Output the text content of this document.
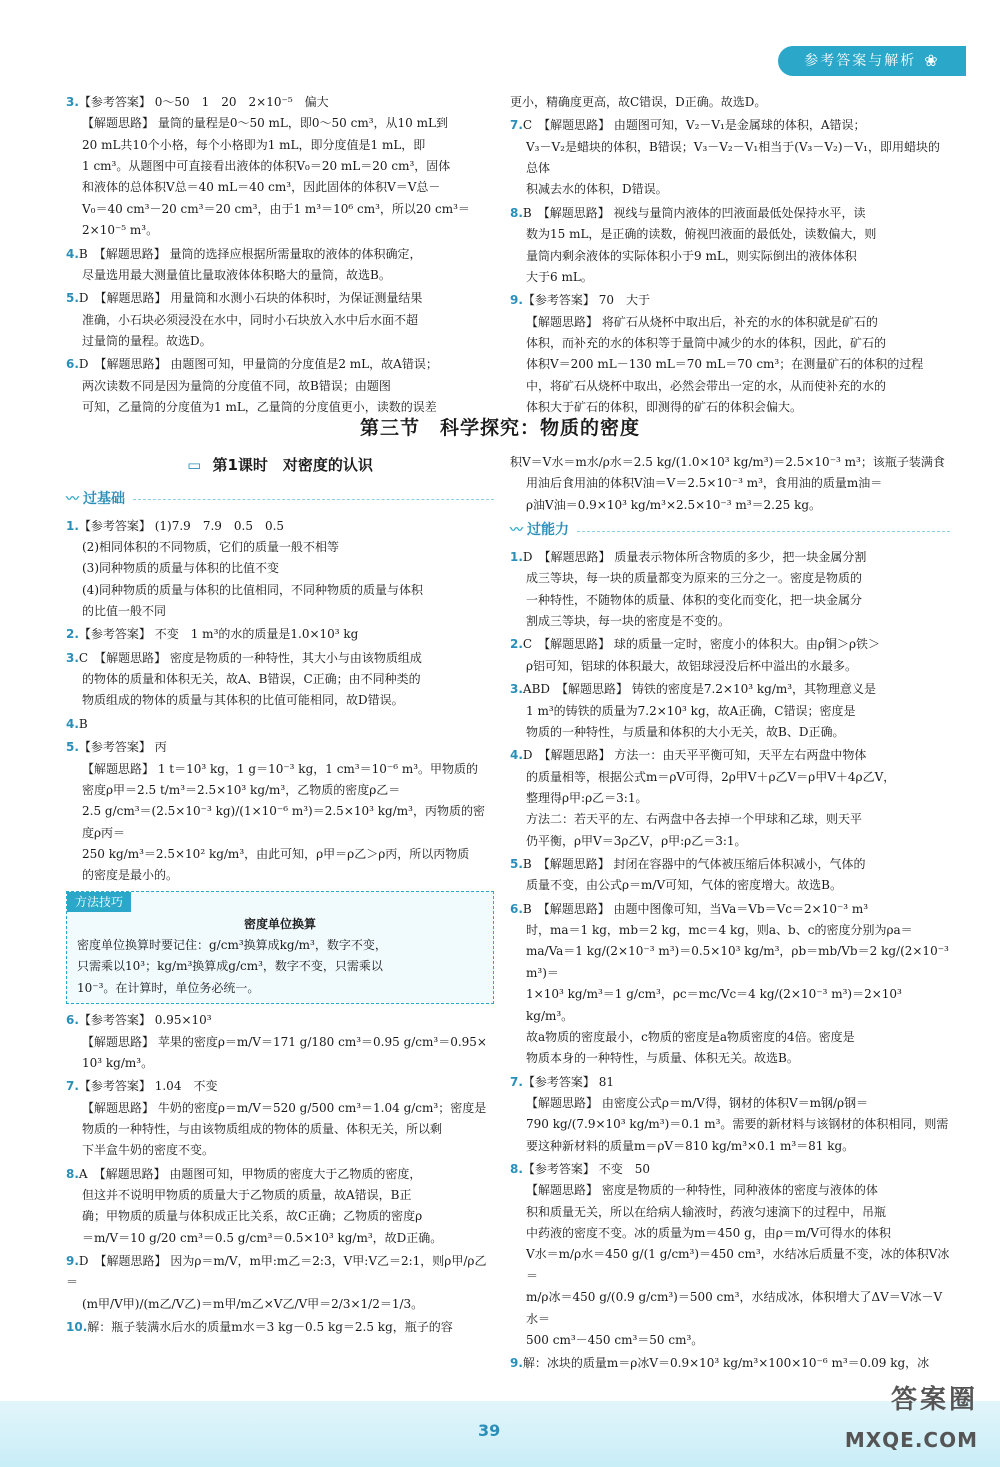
参考答案与解析 ❀
3.【参考答案】 0～50　1　20　2×10⁻⁵　偏大
【解题思路】 量筒的量程是0～50 mL，即0～50 cm³，从10 mL到
20 mL共10个小格，每个小格即为1 mL，即分度值是1 mL，即
1 cm³。从题图中可直接看出液体的体积V₀＝20 mL＝20 cm³，固体
和液体的总体积V总＝40 mL＝40 cm³，因此固体的体积V＝V总－
V₀＝40 cm³－20 cm³＝20 cm³，由于1 m³＝10⁶ cm³，所以20 cm³＝
2×10⁻⁵ m³。
4.B　【解题思路】 量筒的选择应根据所需量取的液体的体积确定，
尽量选用最大测量值比量取液体体积略大的量筒，故选B。
5.D　【解题思路】 用量筒和水测小石块的体积时，为保证测量结果
准确，小石块必须浸没在水中，同时小石块放入水中后水面不超
过量筒的量程。故选D。
6.D　【解题思路】 由题图可知，甲量筒的分度值是2 mL，故A错误；
两次读数不同是因为量筒的分度值不同，故B错误；由题图
可知，乙量筒的分度值为1 mL，乙量筒的分度值更小，读数的误差
更小，精确度更高，故C错误，D正确。故选D。
7.C　【解题思路】 由题图可知，V₂－V₁是金属球的体积，A错误；
V₃－V₂是蜡块的体积，B错误；V₃－V₂－V₁相当于(V₃－V₂)－V₁，即用蜡块的总体
积减去水的体积，D错误。
8.B　【解题思路】 视线与量筒内液体的凹液面最低处保持水平，读
数为15 mL，是正确的读数，俯视凹液面的最低处，读数偏大，则
量筒内剩余液体的实际体积小于9 mL，则实际倒出的液体体积
大于6 mL。
9.【参考答案】 70　大于
【解题思路】 将矿石从烧杯中取出后，补充的水的体积就是矿石的
体积，而补充的水的体积等于量筒中减少的水的体积，因此，矿石的
体积V＝200 mL－130 mL＝70 mL＝70 cm³；在测量矿石的体积的过程
中，将矿石从烧杯中取出，必然会带出一定的水，从而使补充的水的
体积大于矿石的体积，即测得的矿石的体积会偏大。
第三节　科学探究：物质的密度
▭ 第1课时　对密度的认识
〰 过基础
1.【参考答案】 (1)7.9　7.9　0.5　0.5
(2)相同体积的不同物质，它们的质量一般不相等
(3)同种物质的质量与体积的比值不变
(4)同种物质的质量与体积的比值相同，不同种物质的质量与体积
的比值一般不同
2.【参考答案】 不变　1 m³的水的质量是1.0×10³ kg
3.C　【解题思路】 密度是物质的一种特性，其大小与由该物质组成
的物体的质量和体积无关，故A、B错误，C正确；由不同种类的
物质组成的物体的质量与其体积的比值可能相同，故D错误。
4.B
5.【参考答案】 丙
【解题思路】 1 t＝10³ kg，1 g＝10⁻³ kg，1 cm³＝10⁻⁶ m³。甲物质的
密度ρ甲＝2.5 t/m³＝2.5×10³ kg/m³，乙物质的密度ρ乙＝
2.5 g/cm³＝(2.5×10⁻³ kg)/(1×10⁻⁶ m³)＝2.5×10³ kg/m³，丙物质的密度ρ丙＝
250 kg/m³＝2.5×10² kg/m³，由此可知，ρ甲＝ρ乙＞ρ丙，所以丙物质
的密度是最小的。
方法技巧
密度单位换算
密度单位换算时要记住：g/cm³换算成kg/m³，数字不变，
只需乘以10³；kg/m³换算成g/cm³，数字不变，只需乘以
10⁻³。在计算时，单位务必统一。
6.【参考答案】 0.95×10³
【解题思路】 苹果的密度ρ＝m/V＝171 g/180 cm³＝0.95 g/cm³＝0.95×
10³ kg/m³。
7.【参考答案】 1.04　不变
【解题思路】 牛奶的密度ρ＝m/V＝520 g/500 cm³＝1.04 g/cm³；密度是
物质的一种特性，与由该物质组成的物体的质量、体积无关，所以剩
下半盒牛奶的密度不变。
8.A　【解题思路】 由题图可知，甲物质的密度大于乙物质的密度，
但这并不说明甲物质的质量大于乙物质的质量，故A错误，B正
确；甲物质的质量与体积成正比关系，故C正确；乙物质的密度ρ
＝m/V＝10 g/20 cm³＝0.5 g/cm³＝0.5×10³ kg/m³，故D正确。
9.D　【解题思路】 因为ρ＝m/V，m甲:m乙＝2:3，V甲:V乙＝2:1，则ρ甲/ρ乙＝
(m甲/V甲)/(m乙/V乙)＝m甲/m乙×V乙/V甲＝2/3×1/2＝1/3。
10.解：瓶子装满水后水的质量m水＝3 kg－0.5 kg＝2.5 kg，瓶子的容
积V＝V水＝m水/ρ水＝2.5 kg/(1.0×10³ kg/m³)＝2.5×10⁻³ m³；该瓶子装满食
用油后食用油的体积V油＝V＝2.5×10⁻³ m³，食用油的质量m油＝
ρ油V油＝0.9×10³ kg/m³×2.5×10⁻³ m³＝2.25 kg。
〰 过能力
1.D　【解题思路】 质量表示物体所含物质的多少，把一块金属分割
成三等块，每一块的质量都变为原来的三分之一。密度是物质的
一种特性，不随物体的质量、体积的变化而变化，把一块金属分
割成三等块，每一块的密度是不变的。
2.C　【解题思路】 球的质量一定时，密度小的体积大。由ρ铜＞ρ铁＞
ρ铝可知，铝球的体积最大，故铝球浸没后杯中溢出的水最多。
3.ABD　【解题思路】 铸铁的密度是7.2×10³ kg/m³，其物理意义是
1 m³的铸铁的质量为7.2×10³ kg，故A正确，C错误；密度是
物质的一种特性，与质量和体积的大小无关，故B、D正确。
4.D　【解题思路】 方法一：由天平平衡可知，天平左右两盘中物体
的质量相等，根据公式m＝ρV可得，2ρ甲V＋ρ乙V＝ρ甲V＋4ρ乙V，
整理得ρ甲:ρ乙＝3:1。
方法二：若天平的左、右两盘中各去掉一个甲球和乙球，则天平
仍平衡，ρ甲V＝3ρ乙V，ρ甲:ρ乙＝3:1。
5.B　【解题思路】 封闭在容器中的气体被压缩后体积减小，气体的
质量不变，由公式ρ＝m/V可知，气体的密度增大。故选B。
6.B　【解题思路】 由题中图像可知，当Va＝Vb＝Vc＝2×10⁻³ m³
时，ma＝1 kg，mb＝2 kg，mc＝4 kg，则a、b、c的密度分别为ρa＝
ma/Va＝1 kg/(2×10⁻³ m³)＝0.5×10³ kg/m³，ρb＝mb/Vb＝2 kg/(2×10⁻³ m³)＝
1×10³ kg/m³＝1 g/cm³，ρc＝mc/Vc＝4 kg/(2×10⁻³ m³)＝2×10³ kg/m³。
故a物质的密度最小，c物质的密度是a物质密度的4倍。密度是
物质本身的一种特性，与质量、体积无关。故选B。
7.【参考答案】 81
【解题思路】 由密度公式ρ＝m/V得，钢材的体积V＝m钢/ρ钢＝
790 kg/(7.9×10³ kg/m³)＝0.1 m³。需要的新材料与该钢材的体积相同，则需
要这种新材料的质量m＝ρV＝810 kg/m³×0.1 m³＝81 kg。
8.【参考答案】 不变　50
【解题思路】 密度是物质的一种特性，同种液体的密度与液体的体
积和质量无关，所以在给病人输液时，药液匀速滴下的过程中，吊瓶
中药液的密度不变。冰的质量为m＝450 g，由ρ＝m/V可得水的体积
V水＝m/ρ水＝450 g/(1 g/cm³)＝450 cm³，水结冰后质量不变，冰的体积V冰＝
m/ρ冰＝450 g/(0.9 g/cm³)＝500 cm³，水结成冰，体积增大了ΔV＝V冰－V水＝
500 cm³－450 cm³＝50 cm³。
9.解：冰块的质量m＝ρ冰V＝0.9×10³ kg/m³×100×10⁻⁶ m³＝0.09 kg，冰
39
答案圈
MXQE.COM
